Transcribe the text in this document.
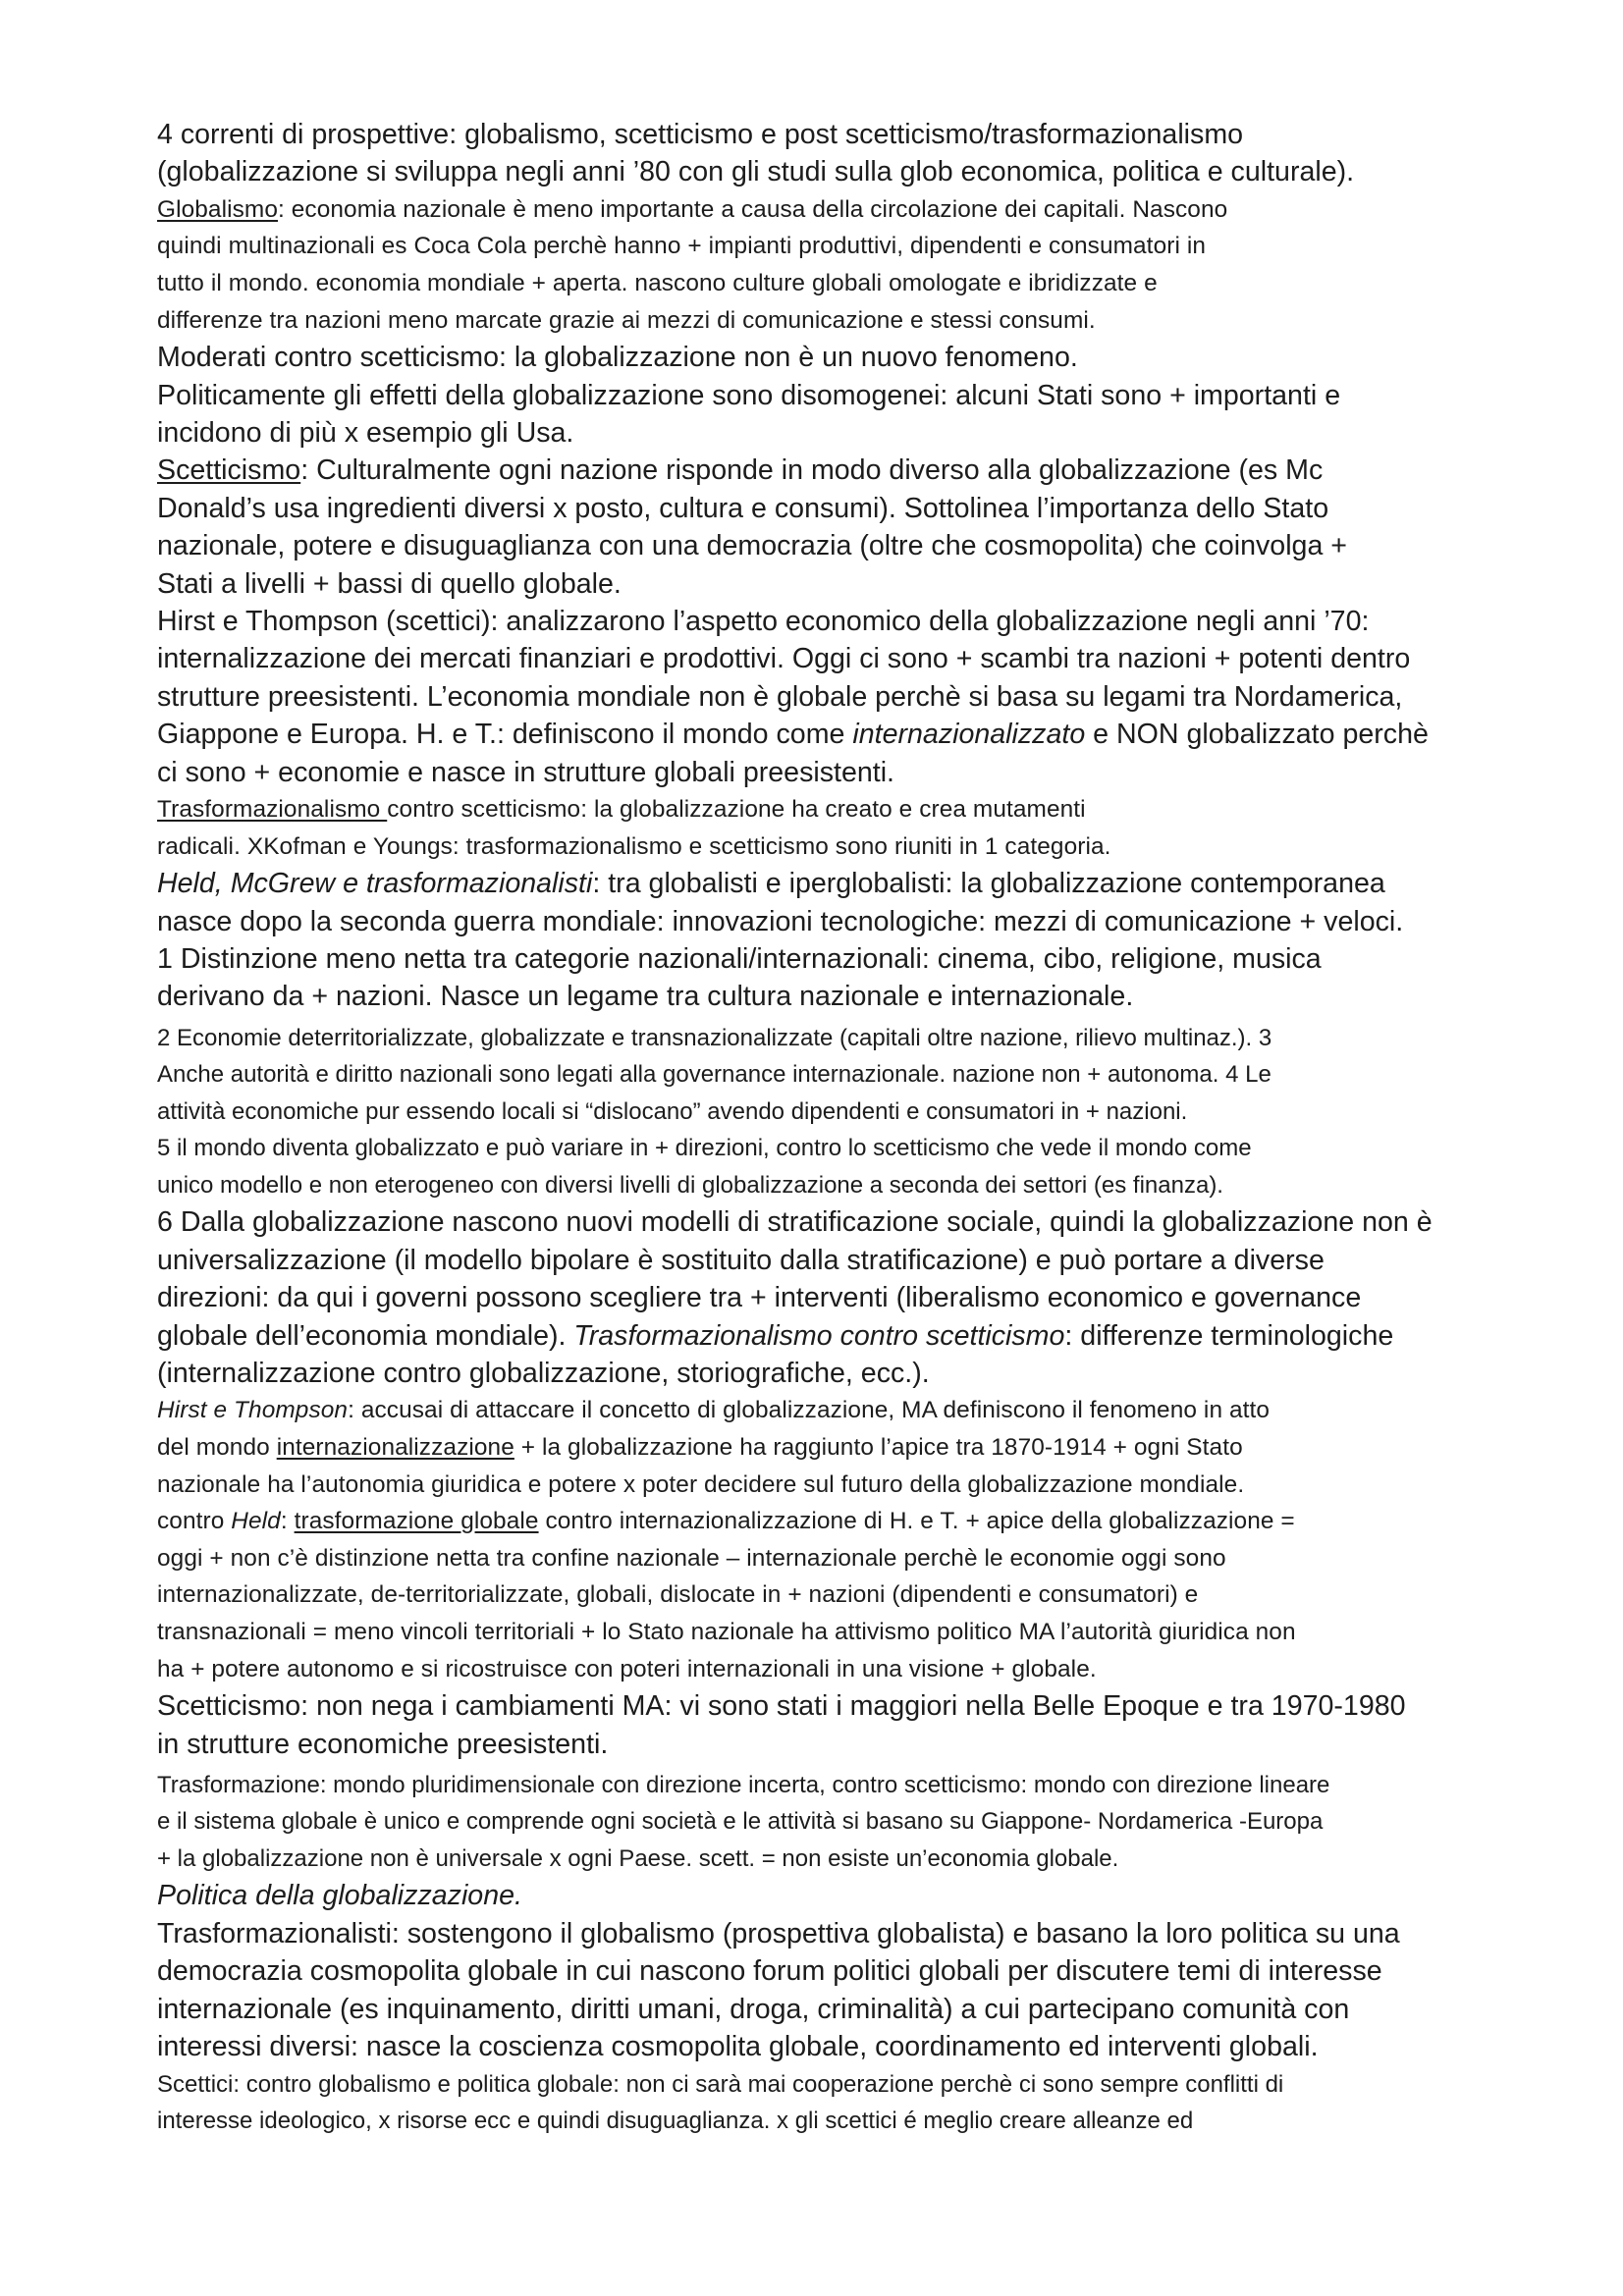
4 correnti di prospettive: globalismo, scetticismo e post scetticismo/trasformazionalismo
(globalizzazione si sviluppa negli anni ’80 con gli studi sulla glob economica, politica e culturale).
Globalismo: economia nazionale è meno importante a causa della circolazione dei capitali. Nascono
quindi multinazionali es Coca Cola perchè hanno + impianti produttivi, dipendenti e consumatori in
tutto il mondo. economia mondiale + aperta. nascono culture globali omologate e ibridizzate e
differenze tra nazioni meno marcate grazie ai mezzi di comunicazione e stessi consumi.
Moderati contro scetticismo: la globalizzazione non è un nuovo fenomeno.
Politicamente gli effetti della globalizzazione sono disomogenei: alcuni Stati sono + importanti e
incidono di più x esempio gli Usa.
Scetticismo: Culturalmente ogni nazione risponde in modo diverso alla globalizzazione (es Mc
Donald’s usa ingredienti diversi x posto, cultura e consumi). Sottolinea l’importanza dello Stato
nazionale, potere e disuguaglianza con una democrazia (oltre che cosmopolita) che coinvolga +
Stati a livelli + bassi di quello globale.
Hirst e Thompson (scettici): analizzarono l’aspetto economico della globalizzazione negli anni ’70:
internalizzazione dei mercati finanziari e prodottivi. Oggi ci sono + scambi tra nazioni + potenti dentro
strutture preesistenti. L’economia mondiale non è globale perchè si basa su legami tra Nordamerica,
Giappone e Europa. H. e T.: definiscono il mondo come internazionalizzato e NON globalizzato perchè
ci sono + economie e nasce in strutture globali preesistenti.
Trasformazionalismo contro scetticismo: la globalizzazione ha creato e crea mutamenti
radicali. XKofman e Youngs: trasformazionalismo e scetticismo sono riuniti in 1 categoria.
Held, McGrew e trasformazionalisti: tra globalisti e iperglobalisti: la globalizzazione contemporanea
nasce dopo la seconda guerra mondiale: innovazioni tecnologiche: mezzi di comunicazione + veloci.
1 Distinzione meno netta tra categorie nazionali/internazionali: cinema, cibo, religione, musica
derivano da + nazioni. Nasce un legame tra cultura nazionale e internazionale.
2 Economie deterritorializzate, globalizzate e transnazionalizzate (capitali oltre nazione, rilievo multinaz.). 3
Anche autorità e diritto nazionali sono legati alla governance internazionale. nazione non + autonoma. 4 Le
attività economiche pur essendo locali si “dislocano” avendo dipendenti e consumatori in + nazioni.
5 il mondo diventa globalizzato e può variare in + direzioni, contro lo scetticismo che vede il mondo come
unico modello e non eterogeneo con diversi livelli di globalizzazione a seconda dei settori (es finanza).
6 Dalla globalizzazione nascono nuovi modelli di stratificazione sociale, quindi la globalizzazione non è
universalizzazione (il modello bipolare è sostituito dalla stratificazione) e può portare a diverse
direzioni: da qui i governi possono scegliere tra + interventi (liberalismo economico e governance
globale dell’economia mondiale). Trasformazionalismo contro scetticismo: differenze terminologiche
(internalizzazione contro globalizzazione, storiografiche, ecc.).
Hirst e Thompson: accusai di attaccare il concetto di globalizzazione, MA definiscono il fenomeno in atto
del mondo internazionalizzazione + la globalizzazione ha raggiunto l’apice tra 1870-1914 + ogni Stato
nazionale ha l’autonomia giuridica e potere x poter decidere sul futuro della globalizzazione mondiale.
contro Held: trasformazione globale contro internazionalizzazione di H. e T. + apice della globalizzazione =
oggi + non c’è distinzione netta tra confine nazionale – internazionale perchè le economie oggi sono
internazionalizzate, de-territorializzate, globali, dislocate in + nazioni (dipendenti e consumatori) e
transnazionali = meno vincoli territoriali + lo Stato nazionale ha attivismo politico MA l’autorità giuridica non
ha + potere autonomo e si ricostruisce con poteri internazionali in una visione + globale.
Scetticismo: non nega i cambiamenti MA: vi sono stati i maggiori nella Belle Epoque e tra 1970-1980
in strutture economiche preesistenti.
Trasformazione: mondo pluridimensionale con direzione incerta, contro scetticismo: mondo con direzione lineare
e il sistema globale è unico e comprende ogni società e le attività si basano su Giappone- Nordamerica -Europa
+ la globalizzazione non è universale x ogni Paese. scett. = non esiste un’economia globale.
Politica della globalizzazione.
Trasformazionalisti: sostengono il globalismo (prospettiva globalista) e basano la loro politica su una
democrazia cosmopolita globale in cui nascono forum politici globali per discutere temi di interesse
internazionale (es inquinamento, diritti umani, droga, criminalità) a cui partecipano comunità con
interessi diversi: nasce la coscienza cosmopolita globale, coordinamento ed interventi globali.
Scettici: contro globalismo e politica globale: non ci sarà mai cooperazione perchè ci sono sempre conflitti di
interesse ideologico, x risorse ecc e quindi disuguaglianza. x gli scettici é meglio creare alleanze ed
